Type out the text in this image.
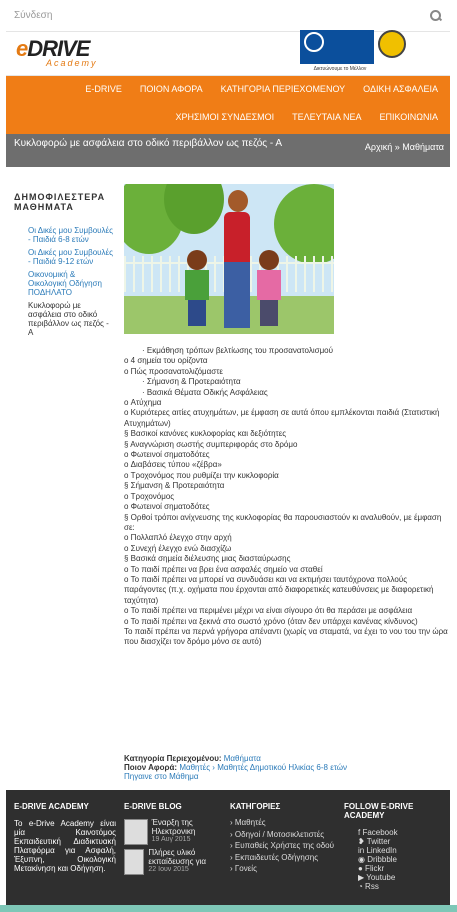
Σύνδεση
eDRIVE
Academy
Δικτυώνουμε το Μέλλον
E-DRIVE ΠΟΙΟΝ ΑΦΟΡΑ ΚΑΤΗΓΟΡΙΑ ΠΕΡΙΕΧΟΜΕΝΟΥ ΟΔΙΚΗ ΑΣΦΑΛΕΙΑ
ΧΡΗΣΙΜΟΙ ΣΥΝΔΕΣΜΟΙ ΤΕΛΕΥΤΑΙΑ ΝΕΑ ΕΠΙΚΟΙΝΩΝΙΑ
Κυκλοφορώ με ασφάλεια στο οδικό περιβάλλον ως πεζός - Α	Αρχική » Μαθήματα
ΔΗΜΟΦΙΛΕΣΤΕΡΑ ΜΑΘΗΜΑΤΑ
Οι Δικές μου Συμβουλές - Παιδιά 6-8 ετών
Οι Δικές μου Συμβουλές - Παιδιά 9-12 ετών
Οικονομική & Οικολογική Οδήγηση ΠΟΔΗΛΑΤΟ
Κυκλοφορώ με ασφάλεια στο οδικό περιβάλλον ως πεζός - Α

· Εκμάθηση τρόπων βελτίωσης του προσανατολισμού

o 4 σημεία του ορίζοντα

o Πώς προσανατολιζόμαστε

· Σήμανση & Προτεραιότητα

· Βασικά Θέματα Οδικής Ασφάλειας

o Ατύχημα

o Κυριότερες αιτίες ατυχημάτων, με έμφαση σε αυτά όπου εμπλέκονται παιδιά (Στατιστική Ατυχημάτων)

§ Βασικοί κανόνες κυκλοφορίας και δεξιότητες

§ Αναγνώριση σωστής συμπεριφοράς στο δρόμο

o Φωτεινοί σηματοδότες

o Διαβάσεις τύπου «ζέβρα»

o Τροχονόμος που ρυθμίζει την κυκλοφορία

§ Σήμανση & Προτεραιότητα

o Τροχονόμος

o Φωτεινοί σηματοδότες

§ Ορθοί τρόποι ανίχνευσης της κυκλοφορίας θα παρουσιαστούν κι αναλυθούν, με έμφαση σε:

o Πολλαπλό έλεγχο στην αρχή

o Συνεχή έλεγχο ενώ διασχίζω

§ Βασικά σημεία διέλευσης μιας διασταύρωσης

o Το παιδί πρέπει να βρει ένα ασφαλές σημείο να σταθεί

o Το παιδί πρέπει να μπορεί να συνδυάσει και να εκτιμήσει ταυτόχρονα πολλούς παράγοντες (π.χ. οχήματα που έρχονται από διαφορετικές κατευθύνσεις με διαφορετική ταχύτητα)

o Το παιδί πρέπει να περιμένει μέχρι να είναι σίγουρο ότι θα περάσει με ασφάλεια

o Το παιδί πρέπει να ξεκινά στο σωστό χρόνο (όταν δεν υπάρχει κανένας κίνδυνος)

Το παιδί πρέπει να περνά γρήγορα απέναντι (χωρίς να σταματά, να έχει το νου του την ώρα που διασχίζει τον δρόμο μόνο σε αυτό)

Κατηγορία Περιεχομένου: Μαθήματα
Ποιον Αφορά: Μαθητές › Μαθητές Δημοτικού Ηλικίας 6-8 ετών
Πηγαινε στο Μάθημα
E-DRIVE ACADEMY
Το e-Drive Academy είναι μία Καινοτόμος Εκπαιδευτική Διαδικτυακή Πλατφόρμα για Ασφαλή, Έξυπνη, Οικολογική Μετακίνηση και Οδήγηση.
E-DRIVE BLOG
Έναρξη της Ηλεκτρονικη
19 Αυγ 2015
Πλήρες υλικό εκπαίδευσης για
22 Ιουν 2015
ΚΑΤΗΓΟΡΙΕΣ
› Μαθητές
› Οδηγοί / Μοτοσικλετιστές
› Ευπαθείς Χρήστες της οδού
› Εκπαιδευτές Οδήγησης
› Γονείς
FOLLOW E-DRIVE ACADEMY
f Facebook
❥ Twitter
in LinkedIn
◉ Dribbble
● Flickr
▶ Youtube
◔ Rss
